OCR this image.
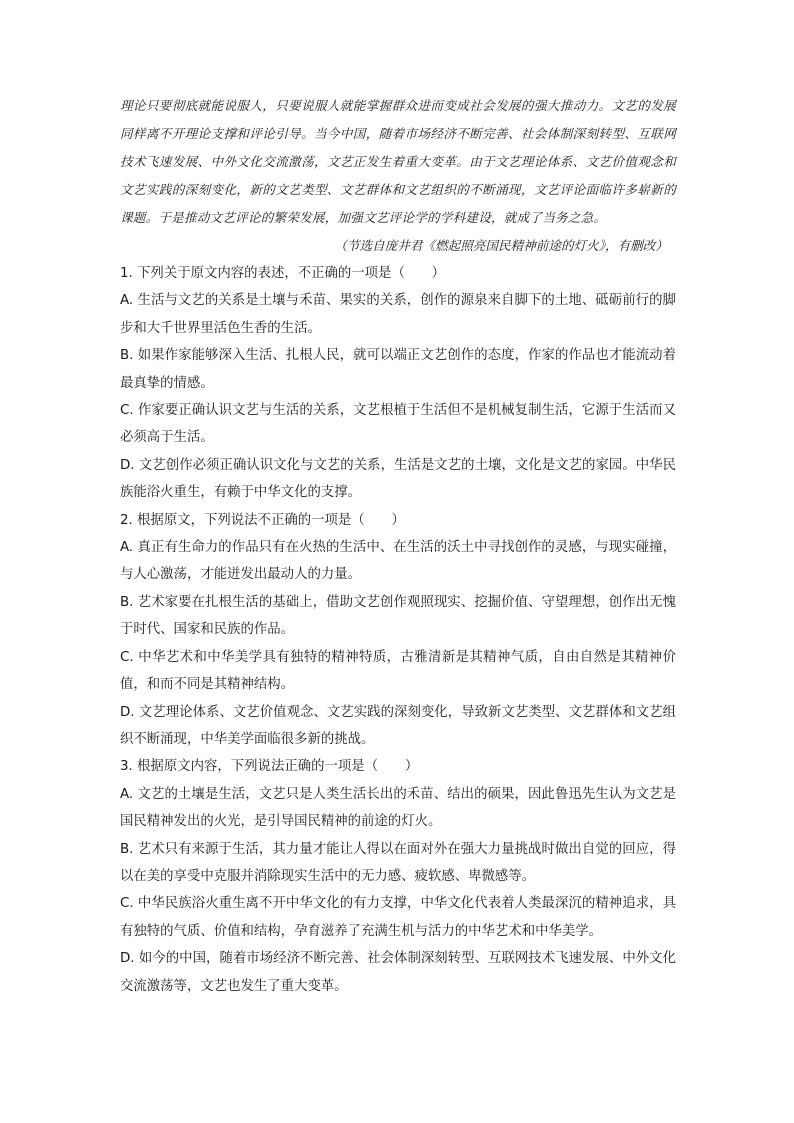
理论只要彻底就能说服人，只要说服人就能掌握群众进而变成社会发展的强大推动力。文艺的发展同样离不开理论支撑和评论引导。当今中国，随着市场经济不断完善、社会体制深刻转型、互联网技术飞速发展、中外文化交流激荡，文艺正发生着重大变革。由于文艺理论体系、文艺价值观念和文艺实践的深刻变化，新的文艺类型、文艺群体和文艺组织的不断涌现，文艺评论面临许多崭新的课题。于是推动文艺评论的繁荣发展，加强文艺评论学的学科建设，就成了当务之急。

（节选自庞井君《燃起照亮国民精神前途的灯火》，有删改）

1. 下列关于原文内容的表述，不正确的一项是（　　）

A. 生活与文艺的关系是土壤与禾苗、果实的关系，创作的源泉来自脚下的土地、砥砺前行的脚步和大千世界里活色生香的生活。

B. 如果作家能够深入生活、扎根人民，就可以端正文艺创作的态度，作家的作品也才能流动着最真挚的情感。

C. 作家要正确认识文艺与生活的关系，文艺根植于生活但不是机械复制生活，它源于生活而又必须高于生活。

D. 文艺创作必须正确认识文化与文艺的关系，生活是文艺的土壤，文化是文艺的家园。中华民族能浴火重生，有赖于中华文化的支撑。

2. 根据原文，下列说法不正确的一项是（　　）

A. 真正有生命力的作品只有在火热的生活中、在生活的沃土中寻找创作的灵感，与现实碰撞，与人心激荡，才能迸发出最动人的力量。

B. 艺术家要在扎根生活的基础上，借助文艺创作观照现实、挖掘价值、守望理想，创作出无愧于时代、国家和民族的作品。

C. 中华艺术和中华美学具有独特的精神特质，古雅清新是其精神气质，自由自然是其精神价值，和而不同是其精神结构。

D. 文艺理论体系、文艺价值观念、文艺实践的深刻变化，导致新文艺类型、文艺群体和文艺组织不断涌现，中华美学面临很多新的挑战。

3. 根据原文内容，下列说法正确的一项是（　　）

A. 文艺的土壤是生活，文艺只是人类生活长出的禾苗、结出的硕果，因此鲁迅先生认为文艺是国民精神发出的火光，是引导国民精神的前途的灯火。

B. 艺术只有来源于生活，其力量才能让人得以在面对外在强大力量挑战时做出自觉的回应，得以在美的享受中克服并消除现实生活中的无力感、疲软感、卑微感等。

C. 中华民族浴火重生离不开中华文化的有力支撑，中华文化代表着人类最深沉的精神追求，具有独特的气质、价值和结构，孕育滋养了充满生机与活力的中华艺术和中华美学。

D. 如今的中国，随着市场经济不断完善、社会体制深刻转型、互联网技术飞速发展、中外文化交流激荡等，文艺也发生了重大变革。
